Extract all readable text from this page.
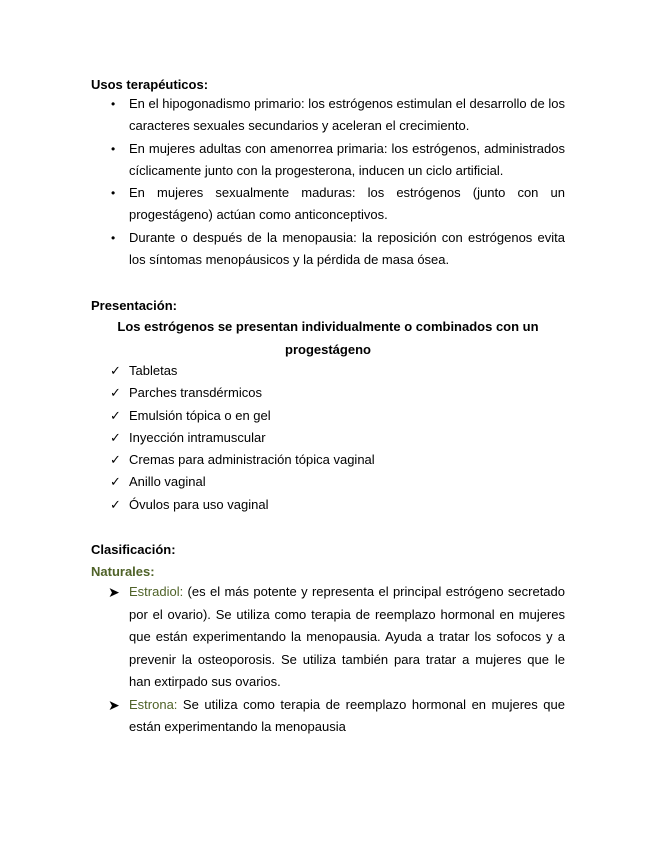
Usos terapéuticos:
• En el hipogonadismo primario: los estrógenos estimulan el desarrollo de los caracteres sexuales secundarios y aceleran el crecimiento.
• En mujeres adultas con amenorrea primaria: los estrógenos, administrados cíclicamente junto con la progesterona, inducen un ciclo artificial.
• En mujeres sexualmente maduras: los estrógenos (junto con un progestágeno) actúan como anticonceptivos.
• Durante o después de la menopausia: la reposición con estrógenos evita los síntomas menopáusicos y la pérdida de masa ósea.
Presentación:
Los estrógenos se presentan individualmente o combinados con un progestágeno
✓ Tabletas
✓ Parches transdérmicos
✓ Emulsión tópica o en gel
✓ Inyección intramuscular
✓ Cremas para administración tópica vaginal
✓ Anillo vaginal
✓ Óvulos para uso vaginal
Clasificación:
Naturales:
➤ Estradiol: (es el más potente y representa el principal estrógeno secretado por el ovario). Se utiliza como terapia de reemplazo hormonal en mujeres que están experimentando la menopausia. Ayuda a tratar los sofocos y a prevenir la osteoporosis. Se utiliza también para tratar a mujeres que le han extirpado sus ovarios.
➤ Estrona: Se utiliza como terapia de reemplazo hormonal en mujeres que están experimentando la menopausia
